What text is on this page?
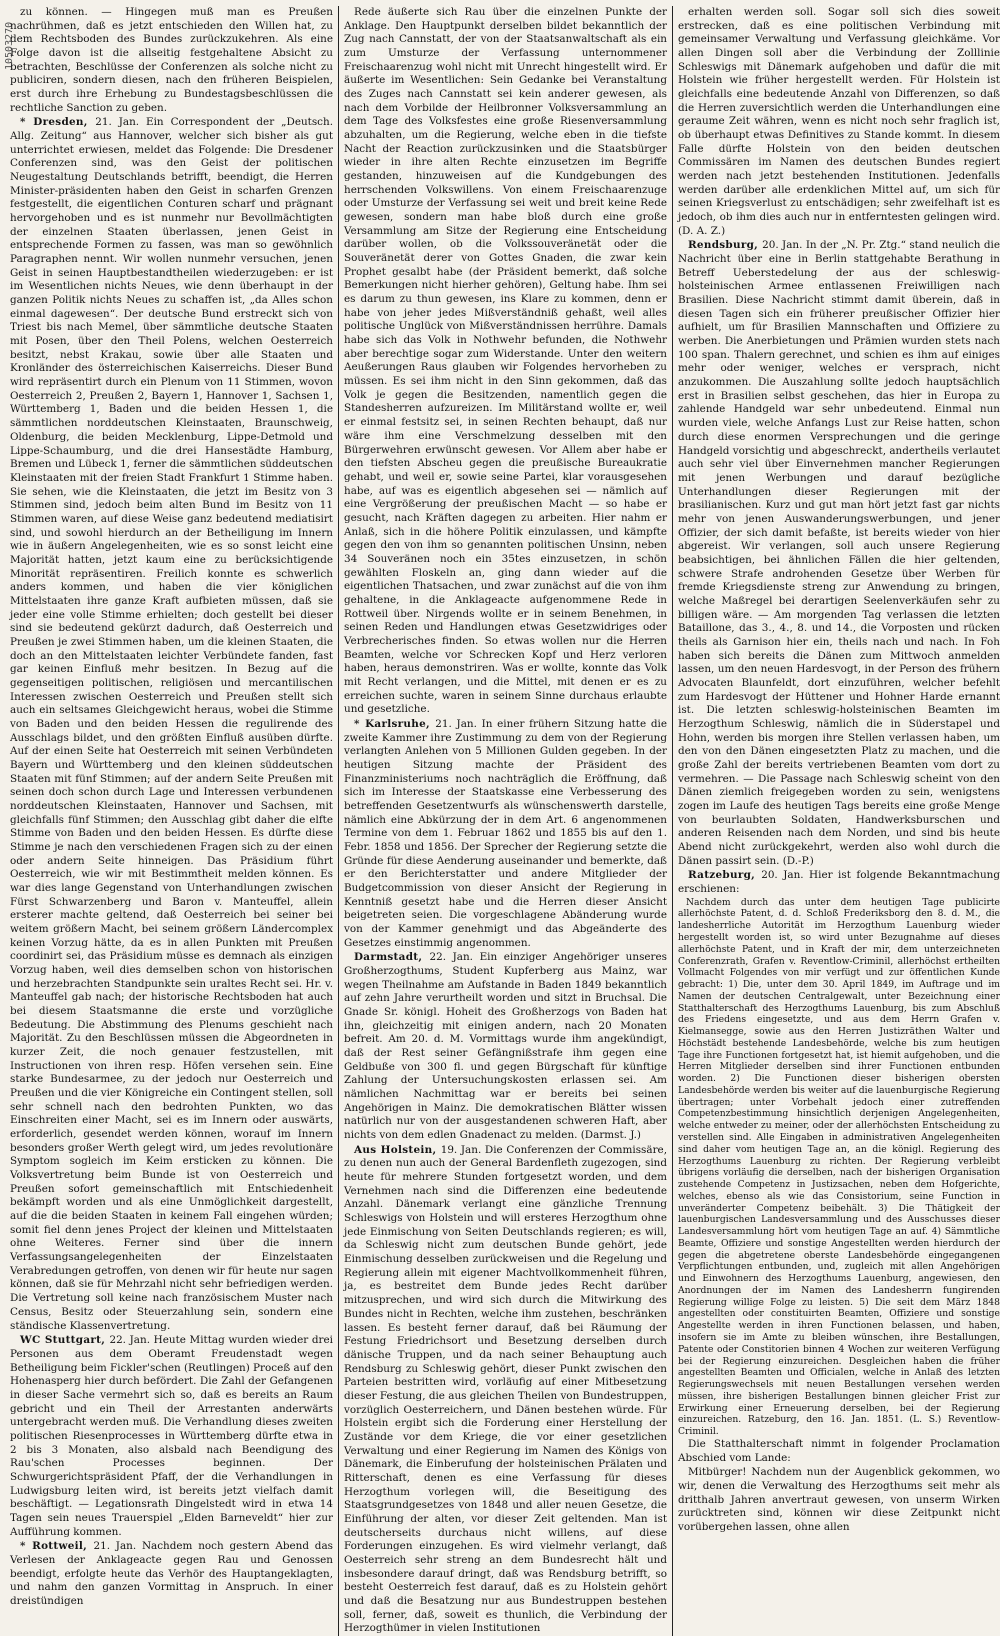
10503270

zu können. — Hingegen muß man es Preußen nachrühmen, daß es jetzt entschieden den Willen hat, zu dem Rechtsboden des Bundes zurückzukehren. Als eine Folge davon ist die allseitig festgehaltene Absicht zu betrachten, Beschlüsse der Conferenzen als solche nicht zu publiciren, sondern diesen, nach den früheren Beispielen, erst durch ihre Erhebung zu Bundestagsbeschlüssen die rechtliche Sanction zu geben.

* Dresden, 21. Jan. Ein Correspondent der „Deutsch. Allg. Zeitung“ aus Hannover, welcher sich bisher als gut unterrichtet erwiesen, meldet das Folgende: Die Dresdener Conferenzen sind, was den Geist der politischen Neugestaltung Deutschlands betrifft, beendigt, die Herren Minister-präsidenten haben den Geist in scharfen Grenzen festgestellt, die eigentlichen Conturen scharf und prägnant hervorgehoben und es ist nunmehr nur Bevollmächtigten der einzelnen Staaten überlassen, jenen Geist in entsprechende Formen zu fassen, was man so gewöhnlich Paragraphen nennt. Wir wollen nunmehr versuchen, jenen Geist in seinen Hauptbestandtheilen wiederzugeben: er ist im Wesentlichen nichts Neues, wie denn überhaupt in der ganzen Politik nichts Neues zu schaffen ist, „da Alles schon einmal dagewesen“. Der deutsche Bund erstreckt sich von Triest bis nach Memel, über sämmtliche deutsche Staaten mit Posen, über den Theil Polens, welchen Oesterreich besitzt, nebst Krakau, sowie über alle Staaten und Kronländer des österreichischen Kaiserreichs. Dieser Bund wird repräsentirt durch ein Plenum von 11 Stimmen, wovon Oesterreich 2, Preußen 2, Bayern 1, Hannover 1, Sachsen 1, Württemberg 1, Baden und die beiden Hessen 1, die sämmtlichen norddeutschen Kleinstaaten, Braunschweig, Oldenburg, die beiden Mecklenburg, Lippe-Detmold und Lippe-Schaumburg, und die drei Hansestädte Hamburg, Bremen und Lübeck 1, ferner die sämmtlichen süddeutschen Kleinstaaten mit der freien Stadt Frankfurt 1 Stimme haben. Sie sehen, wie die Kleinstaaten, die jetzt im Besitz von 3 Stimmen sind, jedoch beim alten Bund im Besitz von 11 Stimmen waren, auf diese Weise ganz bedeutend mediatisirt sind, und sowohl hierdurch an der Betheiligung im Innern wie in äußern Angelegenheiten, wie es so sonst leicht eine Majorität hatten, jetzt kaum eine zu berücksichtigende Minorität repräsentiren. Freilich konnte es schwerlich anders kommen, und haben die vier königlichen Mittelstaaten ihre ganze Kraft aufbieten müssen, daß sie jeder eine volle Stimme erhielten; doch gestellt bei dieser sind sie bedeutend gekürzt dadurch, daß Oesterreich und Preußen je zwei Stimmen haben, um die kleinen Staaten, die doch an den Mittelstaaten leichter Verbündete fanden, fast gar keinen Einfluß mehr besitzen. In Bezug auf die gegenseitigen politischen, religiösen und mercantilischen Interessen zwischen Oesterreich und Preußen stellt sich auch ein seltsames Gleichgewicht heraus, wobei die Stimme von Baden und den beiden Hessen die regulirende des Ausschlags bildet, und den größten Einfluß ausüben dürfte. Auf der einen Seite hat Oesterreich mit seinen Verbündeten Bayern und Württemberg und den kleinen süddeutschen Staaten mit fünf Stimmen; auf der andern Seite Preußen mit seinen doch schon durch Lage und Interessen verbundenen norddeutschen Kleinstaaten, Hannover und Sachsen, mit gleichfalls fünf Stimmen; den Ausschlag gibt daher die elfte Stimme von Baden und den beiden Hessen. Es dürfte diese Stimme je nach den verschiedenen Fragen sich zu der einen oder andern Seite hinneigen. Das Präsidium führt Oesterreich, wie wir mit Bestimmtheit melden können. Es war dies lange Gegenstand von Unterhandlungen zwischen Fürst Schwarzenberg und Baron v. Manteuffel, allein ersterer machte geltend, daß Oesterreich bei seiner bei weitem größern Macht, bei seinem größern Ländercomplex keinen Vorzug hätte, da es in allen Punkten mit Preußen coordinirt sei, das Präsidium müsse es demnach als einzigen Vorzug haben, weil dies demselben schon von historischen und herzebrachten Standpunkte sein uraltes Recht sei. Hr. v. Manteuffel gab nach; der historische Rechtsboden hat auch bei diesem Staatsmanne die erste und vorzügliche Bedeutung. Die Abstimmung des Plenums geschieht nach Majorität. Zu den Beschlüssen müssen die Abgeordneten in kurzer Zeit, die noch genauer festzustellen, mit Instructionen von ihren resp. Höfen versehen sein. Eine starke Bundesarmee, zu der jedoch nur Oesterreich und Preußen und die vier Königreiche ein Contingent stellen, soll sehr schnell nach den bedrohten Punkten, wo das Einschreiten einer Macht, sei es im Innern oder auswärts, erforderlich, gesendet werden können, worauf im Innern besonders großer Werth gelegt wird, um jedes revolutionäre Symptom sogleich im Keim ersticken zu können. Die Volksvertretung beim Bunde ist von Oesterreich und Preußen sofort gemeinschaftlich mit Entschiedenheit bekämpft worden und als eine Unmöglichkeit dargestellt, auf die die beiden Staaten in keinem Fall eingehen würden; somit fiel denn jenes Project der kleinen und Mittelstaaten ohne Weiteres. Ferner sind über die innern Verfassungsangelegenheiten der Einzelstaaten Verabredungen getroffen, von denen wir für heute nur sagen können, daß sie für Mehrzahl nicht sehr befriedigen werden. Die Vertretung soll keine nach französischem Muster nach Census, Besitz oder Steuerzahlung sein, sondern eine ständische Klassenvertretung.

WC Stuttgart, 22. Jan. Heute Mittag wurden wieder drei Personen aus dem Oberamt Freudenstadt wegen Betheiligung beim Fickler'schen (Reutlingen) Proceß auf den Hohenasperg hier durch befördert. Die Zahl der Gefangenen in dieser Sache vermehrt sich so, daß es bereits an Raum gebricht und ein Theil der Arrestanten anderwärts untergebracht werden muß. Die Verhandlung dieses zweiten politischen Riesenprocesses in Württemberg dürfte etwa in 2 bis 3 Monaten, also alsbald nach Beendigung des Rau'schen Processes beginnen. Der Schwurgerichtspräsident Pfaff, der die Verhandlungen in Ludwigsburg leiten wird, ist bereits jetzt vielfach damit beschäftigt. — Legationsrath Dingelstedt wird in etwa 14 Tagen sein neues Trauerspiel „Elden Barneveldt“ hier zur Aufführung kommen.

* Rottweil, 21. Jan. Nachdem noch gestern Abend das Verlesen der Anklageacte gegen Rau und Genossen beendigt, erfolgte heute das Verhör des Hauptangeklagten, und nahm den ganzen Vormittag in Anspruch. In einer dreistündigen

Rede äußerte sich Rau über die einzelnen Punkte der Anklage. Den Hauptpunkt derselben bildet bekanntlich der Zug nach Cannstatt, der von der Staatsanwaltschaft als ein zum Umsturze der Verfassung unternommener Freischaarenzug wohl nicht mit Unrecht hingestellt wird. Er äußerte im Wesentlichen: Sein Gedanke bei Veranstaltung des Zuges nach Cannstatt sei kein anderer gewesen, als nach dem Vorbilde der Heilbronner Volksversammlung an dem Tage des Volksfestes eine große Riesenversammlung abzuhalten, um die Regierung, welche eben in die tiefste Nacht der Reaction zurückzusinken und die Staatsbürger wieder in ihre alten Rechte einzusetzen im Begriffe gestanden, hinzuweisen auf die Kundgebungen des herrschenden Volkswillens. Von einem Freischaarenzuge oder Umsturze der Verfassung sei weit und breit keine Rede gewesen, sondern man habe bloß durch eine große Versammlung am Sitze der Regierung eine Entscheidung darüber wollen, ob die Volkssouveränetät oder die Souveränetät derer von Gottes Gnaden, die zwar kein Prophet gesalbt habe (der Präsident bemerkt, daß solche Bemerkungen nicht hierher gehören), Geltung habe. Ihm sei es darum zu thun gewesen, ins Klare zu kommen, denn er habe von jeher jedes Mißverständniß gehaßt, weil alles politische Unglück von Mißverständnissen herrühre. Damals habe sich das Volk in Nothwehr befunden, die Nothwehr aber berechtige sogar zum Widerstande. Unter den weitern Aeußerungen Raus glauben wir Folgendes hervorheben zu müssen. Es sei ihm nicht in den Sinn gekommen, daß das Volk je gegen die Besitzenden, namentlich gegen die Standesherren aufzureizen. Im Militärstand wollte er, weil er einmal festsitz sei, in seinen Rechten behaupt, daß nur wäre ihm eine Verschmelzung desselben mit den Bürgerwehren erwünscht gewesen. Vor Allem aber habe er den tiefsten Abscheu gegen die preußische Bureaukratie gehabt, und weil er, sowie seine Partei, klar vorausgesehen habe, auf was es eigentlich abgesehen sei — nämlich auf eine Vergrößerung der preußischen Macht — so habe er gesucht, nach Kräften dagegen zu arbeiten. Hier nahm er Anlaß, sich in die höhere Politik einzulassen, und kämpfte gegen den von ihm so genannten politischen Unsinn, neben 34 Souveränen noch ein 35tes einzusetzen, in schön gewählten Floskeln an, ging dann wieder auf die eigentlichen Thatsachen, und zwar zunächst auf die von ihm gehaltene, in die Anklageacte aufgenommene Rede in Rottweil über. Nirgends wollte er in seinem Benehmen, in seinen Reden und Handlungen etwas Gesetzwidriges oder Verbrecherisches finden. So etwas wollen nur die Herren Beamten, welche vor Schrecken Kopf und Herz verloren haben, heraus demonstriren. Was er wollte, konnte das Volk mit Recht verlangen, und die Mittel, mit denen er es zu erreichen suchte, waren in seinem Sinne durchaus erlaubte und gesetzliche.

* Karlsruhe, 21. Jan. In einer frühern Sitzung hatte die zweite Kammer ihre Zustimmung zu dem von der Regierung verlangten Anlehen von 5 Millionen Gulden gegeben. In der heutigen Sitzung machte der Präsident des Finanzministeriums noch nachträglich die Eröffnung, daß sich im Interesse der Staatskasse eine Verbesserung des betreffenden Gesetzentwurfs als wünschenswerth darstelle, nämlich eine Abkürzung der in dem Art. 6 angenommenen Termine von dem 1. Februar 1862 und 1855 bis auf den 1. Febr. 1858 und 1856. Der Sprecher der Regierung setzte die Gründe für diese Aenderung auseinander und bemerkte, daß er den Berichterstatter und andere Mitglieder der Budgetcommission von dieser Ansicht der Regierung in Kenntniß gesetzt habe und die Herren dieser Ansicht beigetreten seien. Die vorgeschlagene Abänderung wurde von der Kammer genehmigt und das Abgeänderte des Gesetzes einstimmig angenommen.

Darmstadt, 22. Jan. Ein einziger Angehöriger unseres Großherzogthums, Student Kupferberg aus Mainz, war wegen Theilnahme am Aufstande in Baden 1849 bekanntlich auf zehn Jahre verurtheilt worden und sitzt in Bruchsal. Die Gnade Sr. königl. Hoheit des Großherzogs von Baden hat ihn, gleichzeitig mit einigen andern, nach 20 Monaten befreit. Am 20. d. M. Vormittags wurde ihm angekündigt, daß der Rest seiner Gefängnißstrafe ihm gegen eine Geldbuße von 300 fl. und gegen Bürgschaft für künftige Zahlung der Untersuchungskosten erlassen sei. Am nämlichen Nachmittag war er bereits bei seinen Angehörigen in Mainz. Die demokratischen Blätter wissen natürlich nur von der ausgestandenen schweren Haft, aber nichts von dem edlen Gnadenact zu melden. (Darmst. J.)

Aus Holstein, 19. Jan. Die Conferenzen der Commissäre, zu denen nun auch der General Bardenfleth zugezogen, sind heute für mehrere Stunden fortgesetzt worden, und dem Vernehmen nach sind die Differenzen eine bedeutende Anzahl. Dänemark verlangt eine gänzliche Trennung Schleswigs von Holstein und will ersteres Herzogthum ohne jede Einmischung von Seiten Deutschlands regieren; es will, da Schleswig nicht zum deutschen Bunde gehört, jede Einmischung desselben zurückweisen und die Regelung und Regierung allein mit eigener Machtvollkommenheit führen, ja, es bestreitet dem Bunde jedes Recht darüber mitzusprechen, und wird sich durch die Mitwirkung des Bundes nicht in Rechten, welche ihm zustehen, beschränken lassen. Es besteht ferner darauf, daß bei Räumung der Festung Friedrichsort und Besetzung derselben durch dänische Truppen, und da nach seiner Behauptung auch Rendsburg zu Schleswig gehört, dieser Punkt zwischen den Parteien bestritten wird, vorläufig auf einer Mitbesetzung dieser Festung, die aus gleichen Theilen von Bundestruppen, vorzüglich Oesterreichern, und Dänen bestehen würde. Für Holstein ergibt sich die Forderung einer Herstellung der Zustände vor dem Kriege, die vor einer gesetzlichen Verwaltung und einer Regierung im Namen des Königs von Dänemark, die Einberufung der holsteinischen Prälaten und Ritterschaft, denen es eine Verfassung für dieses Herzogthum vorlegen will, die Beseitigung des Staatsgrundgesetzes von 1848 und aller neuen Gesetze, die Einführung der alten, vor dieser Zeit geltenden. Man ist deutscherseits durchaus nicht willens, auf diese Forderungen einzugehen. Es wird vielmehr verlangt, daß Oesterreich sehr streng an dem Bundesrecht hält und insbesondere darauf dringt, daß was Rendsburg betrifft, so besteht Oesterreich fest darauf, daß es zu Holstein gehört und daß die Besatzung nur aus Bundestruppen bestehen soll, ferner, daß, soweit es thunlich, die Verbindung der Herzogthümer in vielen Institutionen

erhalten werden soll. Sogar soll sich dies soweit erstrecken, daß es eine politischen Verbindung mit gemeinsamer Verwaltung und Verfassung gleichkäme. Vor allen Dingen soll aber die Verbindung der Zolllinie Schleswigs mit Dänemark aufgehoben und dafür die mit Holstein wie früher hergestellt werden. Für Holstein ist gleichfalls eine bedeutende Anzahl von Differenzen, so daß die Herren zuversichtlich werden die Unterhandlungen eine geraume Zeit währen, wenn es nicht noch sehr fraglich ist, ob überhaupt etwas Definitives zu Stande kommt. In diesem Falle dürfte Holstein von den beiden deutschen Commissären im Namen des deutschen Bundes regiert werden nach jetzt bestehenden Institutionen. Jedenfalls werden darüber alle erdenklichen Mittel auf, um sich für seinen Kriegsverlust zu entschädigen; sehr zweifelhaft ist es jedoch, ob ihm dies auch nur in entferntesten gelingen wird. (D. A. Z.)

Rendsburg, 20. Jan. In der „N. Pr. Ztg.“ stand neulich die Nachricht über eine in Berlin stattgehabte Berathung in Betreff Ueberstedelung der aus der schleswig-holsteinischen Armee entlassenen Freiwilligen nach Brasilien. Diese Nachricht stimmt damit überein, daß in diesen Tagen sich ein früherer preußischer Offizier hier aufhielt, um für Brasilien Mannschaften und Offiziere zu werben. Die Anerbietungen und Prämien wurden stets nach 100 span. Thalern gerechnet, und schien es ihm auf einiges mehr oder weniger, welches er versprach, nicht anzukommen. Die Auszahlung sollte jedoch hauptsächlich erst in Brasilien selbst geschehen, das hier in Europa zu zahlende Handgeld war sehr unbedeutend. Einmal nun wurden viele, welche Anfangs Lust zur Reise hatten, schon durch diese enormen Versprechungen und die geringe Handgeld vorsichtig und abgeschreckt, andertheils verlautet auch sehr viel über Einvernehmen mancher Regierungen mit jenen Werbungen und darauf bezügliche Unterhandlungen dieser Regierungen mit der brasilianischen. Kurz und gut man hört jetzt fast gar nichts mehr von jenen Auswanderungswerbungen, und jener Offizier, der sich damit befaßte, ist bereits wieder von hier abgereist. Wir verlangen, soll auch unsere Regierung beabsichtigen, bei ähnlichen Fällen die hier geltenden, schwere Strafe androhenden Gesetze über Werben für fremde Kriegsdienste streng zur Anwendung zu bringen, welche Maßregel bei derartigen Seelenverkäufen sehr zu billigen wäre. — Am morgenden Tag verlassen die letzten Bataillone, das 3., 4., 8. und 14., die Vorposten und rücken theils als Garnison hier ein, theils nach und nach. In Foh haben sich bereits die Dänen zum Mittwoch anmelden lassen, um den neuen Hardesvogt, in der Person des frühern Advocaten Blaunfeldt, dort einzuführen, welcher befehlt zum Hardesvogt der Hüttener und Hohner Harde ernannt ist. Die letzten schleswig-holsteinischen Beamten im Herzogthum Schleswig, nämlich die in Süderstapel und Hohn, werden bis morgen ihre Stellen verlassen haben, um den von den Dänen eingesetzten Platz zu machen, und die große Zahl der bereits vertriebenen Beamten vom dort zu vermehren. — Die Passage nach Schleswig scheint von den Dänen ziemlich freigegeben worden zu sein, wenigstens zogen im Laufe des heutigen Tags bereits eine große Menge von beurlaubten Soldaten, Handwerksburschen und anderen Reisenden nach dem Norden, und sind bis heute Abend nicht zurückgekehrt, werden also wohl durch die Dänen passirt sein. (D.-P.)

Ratzeburg, 20. Jan. Hier ist folgende Bekanntmachung erschienen:

Nachdem durch das unter dem heutigen Tage publicirte allerhöchste Patent, d. d. Schloß Frederiksborg den 8. d. M., die landesherrliche Autorität im Herzogthum Lauenburg wieder hergestellt worden ist, so wird unter Bezugnahme auf dieses allerhöchste Patent, und in Kraft der mir, dem unterzeichneten Conferenzrath, Grafen v. Reventlow-Criminil, allerhöchst ertheilten Vollmacht Folgendes von mir verfügt und zur öffentlichen Kunde gebracht: 1) Die, unter dem 30. April 1849, im Auftrage und im Namen der deutschen Centralgewalt, unter Bezeichnung einer Statthalterschaft des Herzogthums Lauenburg, bis zum Abschluß des Friedens eingesetzte, und aus dem Herrn Grafen v. Kielmansegge, sowie aus den Herren Justizräthen Walter und Höchstädt bestehende Landesbehörde, welche bis zum heutigen Tage ihre Functionen fortgesetzt hat, ist hiemit aufgehoben, und die Herren Mitglieder derselben sind ihrer Functionen entbunden worden. 2) Die Functionen dieser bisherigen obersten Landesbehörde werden bis weiter auf die lauenburgische Regierung übertragen; unter Vorbehalt jedoch einer zutreffenden Competenzbestimmung hinsichtlich derjenigen Angelegenheiten, welche entweder zu meiner, oder der allerhöchsten Entscheidung zu verstellen sind. Alle Eingaben in administrativen Angelegenheiten sind daher vom heutigen Tage an, an die königl. Regierung des Herzogthums Lauenburg zu richten. Der Regierung verbleibt übrigens vorläufig die derselben, nach der bisherigen Organisation zustehende Competenz in Justizsachen, neben dem Hofgerichte, welches, ebenso als wie das Consistorium, seine Function in unveränderter Competenz beibehält. 3) Die Thätigkeit der lauenburgischen Landesversammlung und des Ausschusses dieser Landesversammlung hört vom heutigen Tage an auf. 4) Sämmtliche Beamte, Offiziere und sonstige Angestellten werden hierdurch der gegen die abgetretene oberste Landesbehörde eingegangenen Verpflichtungen entbunden, und, zugleich mit allen Angehörigen und Einwohnern des Herzogthums Lauenburg, angewiesen, den Anordnungen der im Namen des Landesherrn fungirenden Regierung willige Folge zu leisten. 5) Die seit dem März 1848 angestellten oder constituirten Beamten, Offiziere und sonstige Angestellte werden in ihren Functionen belassen, und haben, insofern sie im Amte zu bleiben wünschen, ihre Bestallungen, Patente oder Constitorien binnen 4 Wochen zur weiteren Verfügung bei der Regierung einzureichen. Desgleichen haben die früher angestellten Beamten und Officialen, welche in Anlaß des letzten Regierungswechsels mit neuen Bestallungen versehen werden müssen, ihre bisherigen Bestallungen binnen gleicher Frist zur Erwirkung einer Erneuerung derselben, bei der Regierung einzureichen. Ratzeburg, den 16. Jan. 1851. (L. S.) Reventlow-Criminil.

Die Statthalterschaft nimmt in folgender Proclamation Abschied vom Lande:

Mitbürger! Nachdem nun der Augenblick gekommen, wo wir, denen die Verwaltung des Herzogthums seit mehr als dritthalb Jahren anvertraut gewesen, von unserm Wirken zurücktreten sind, können wir diese Zeitpunkt nicht vorübergehen lassen, ohne allen
